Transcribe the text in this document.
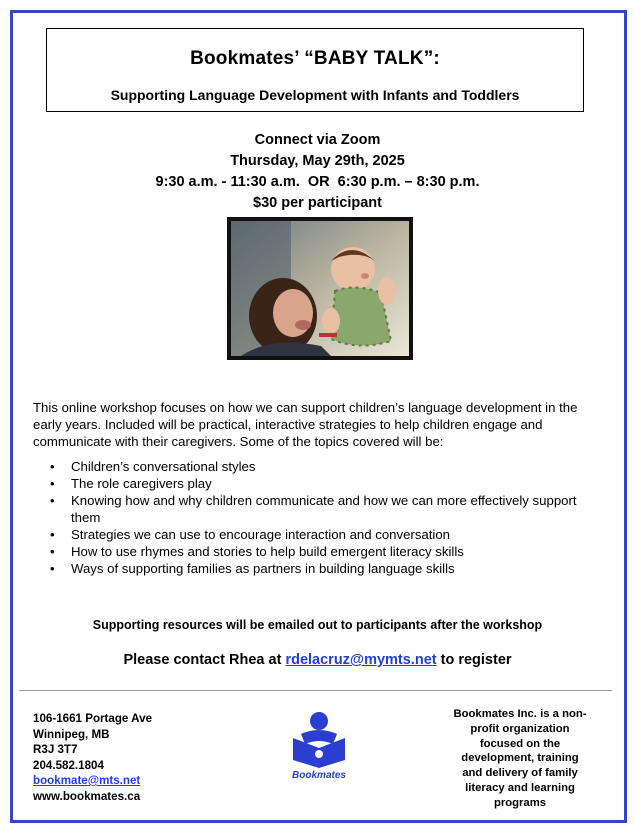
Bookmates’ “BABY TALK”:
Supporting Language Development with Infants and Toddlers
Connect via Zoom
Thursday, May 29th, 2025
9:30 a.m. - 11:30 a.m.  OR  6:30 p.m. – 8:30 p.m.
$30 per participant
This online workshop focuses on how we can support children’s language development in the early years. Included will be practical, interactive strategies to help children engage and communicate with their caregivers. Some of the topics covered will be:
• Children’s conversational styles
• The role caregivers play
• Knowing how and why children communicate and how we can more effectively support them
• Strategies we can use to encourage interaction and conversation
• How to use rhymes and stories to help build emergent literacy skills
• Ways of supporting families as partners in building language skills
Supporting resources will be emailed out to participants after the workshop
Please contact Rhea at rdelacruz@mymts.net to register
106-1661 Portage Ave
Winnipeg, MB
R3J 3T7
204.582.1804
bookmate@mts.net
www.bookmates.ca
Bookmates
Bookmates Inc. is a non-profit organization focused on the development, training and delivery of family literacy and learning programs
